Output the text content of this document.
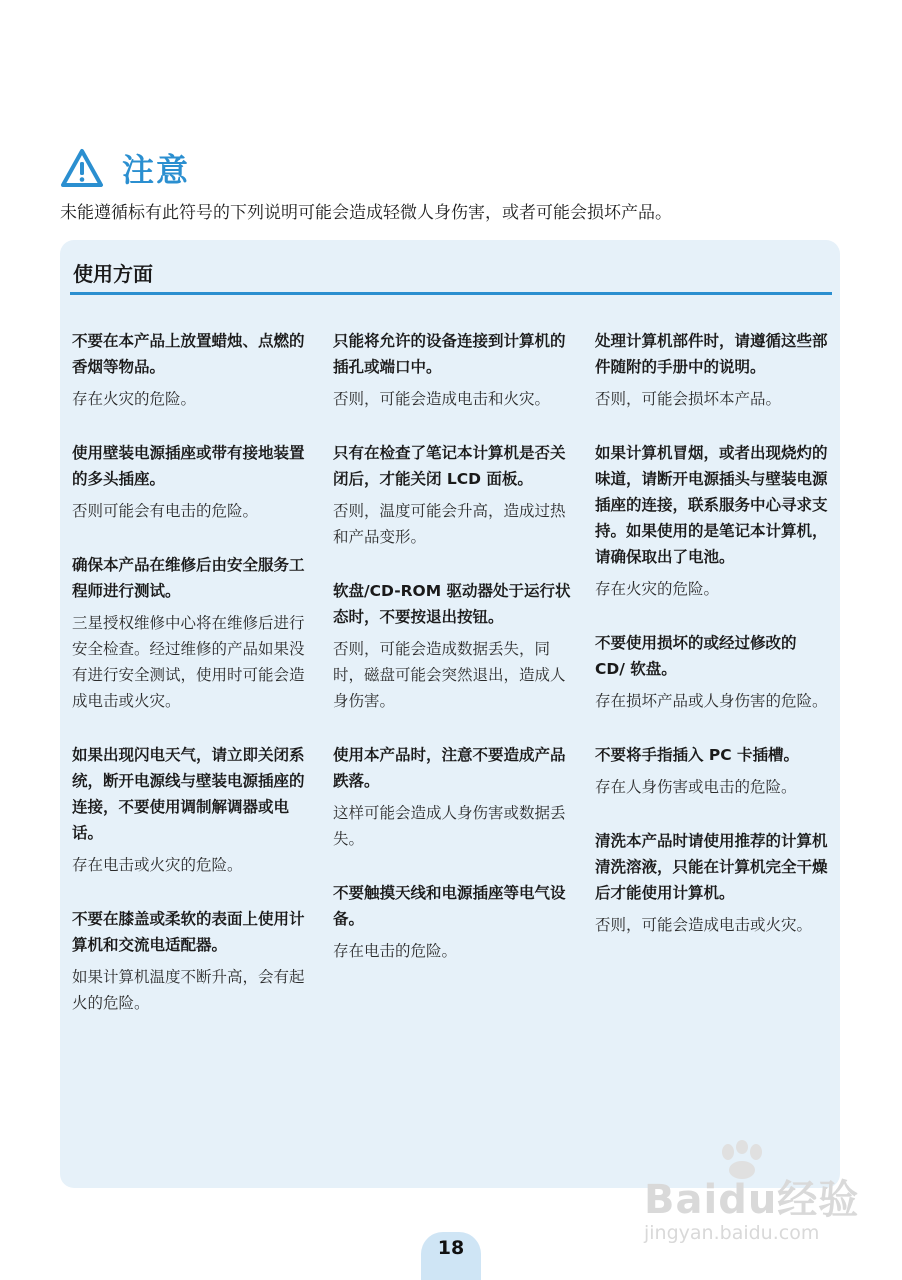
注意
未能遵循标有此符号的下列说明可能会造成轻微人身伤害，或者可能会损坏产品。
使用方面

不要在本产品上放置蜡烛、点燃的香烟等物品。

存在火灾的危险。

使用壁装电源插座或带有接地装置的多头插座。

否则可能会有电击的危险。

确保本产品在维修后由安全服务工程师进行测试。

三星授权维修中心将在维修后进行安全检查。经过维修的产品如果没有进行安全测试，使用时可能会造成电击或火灾。

如果出现闪电天气，请立即关闭系统，断开电源线与壁装电源插座的连接，不要使用调制解调器或电话。

存在电击或火灾的危险。

不要在膝盖或柔软的表面上使用计算机和交流电适配器。

如果计算机温度不断升高，会有起火的危险。

只能将允许的设备连接到计算机的插孔或端口中。

否则，可能会造成电击和火灾。

只有在检查了笔记本计算机是否关闭后，才能关闭 LCD 面板。

否则，温度可能会升高，造成过热和产品变形。

软盘/CD-ROM 驱动器处于运行状态时，不要按退出按钮。

否则，可能会造成数据丢失，同时，磁盘可能会突然退出，造成人身伤害。

使用本产品时，注意不要造成产品跌落。

这样可能会造成人身伤害或数据丢失。

不要触摸天线和电源插座等电气设备。

存在电击的危险。

处理计算机部件时，请遵循这些部件随附的手册中的说明。

否则，可能会损坏本产品。

如果计算机冒烟，或者出现烧灼的味道，请断开电源插头与壁装电源插座的连接，联系服务中心寻求支持。如果使用的是笔记本计算机，请确保取出了电池。

存在火灾的危险。

不要使用损坏的或经过修改的 CD/ 软盘。

存在损坏产品或人身伤害的危险。

不要将手指插入 PC 卡插槽。

存在人身伤害或电击的危险。

清洗本产品时请使用推荐的计算机清洗溶液，只能在计算机完全干燥后才能使用计算机。

否则，可能会造成电击或火灾。

Baidu经验
jingyan.baidu.com
18
